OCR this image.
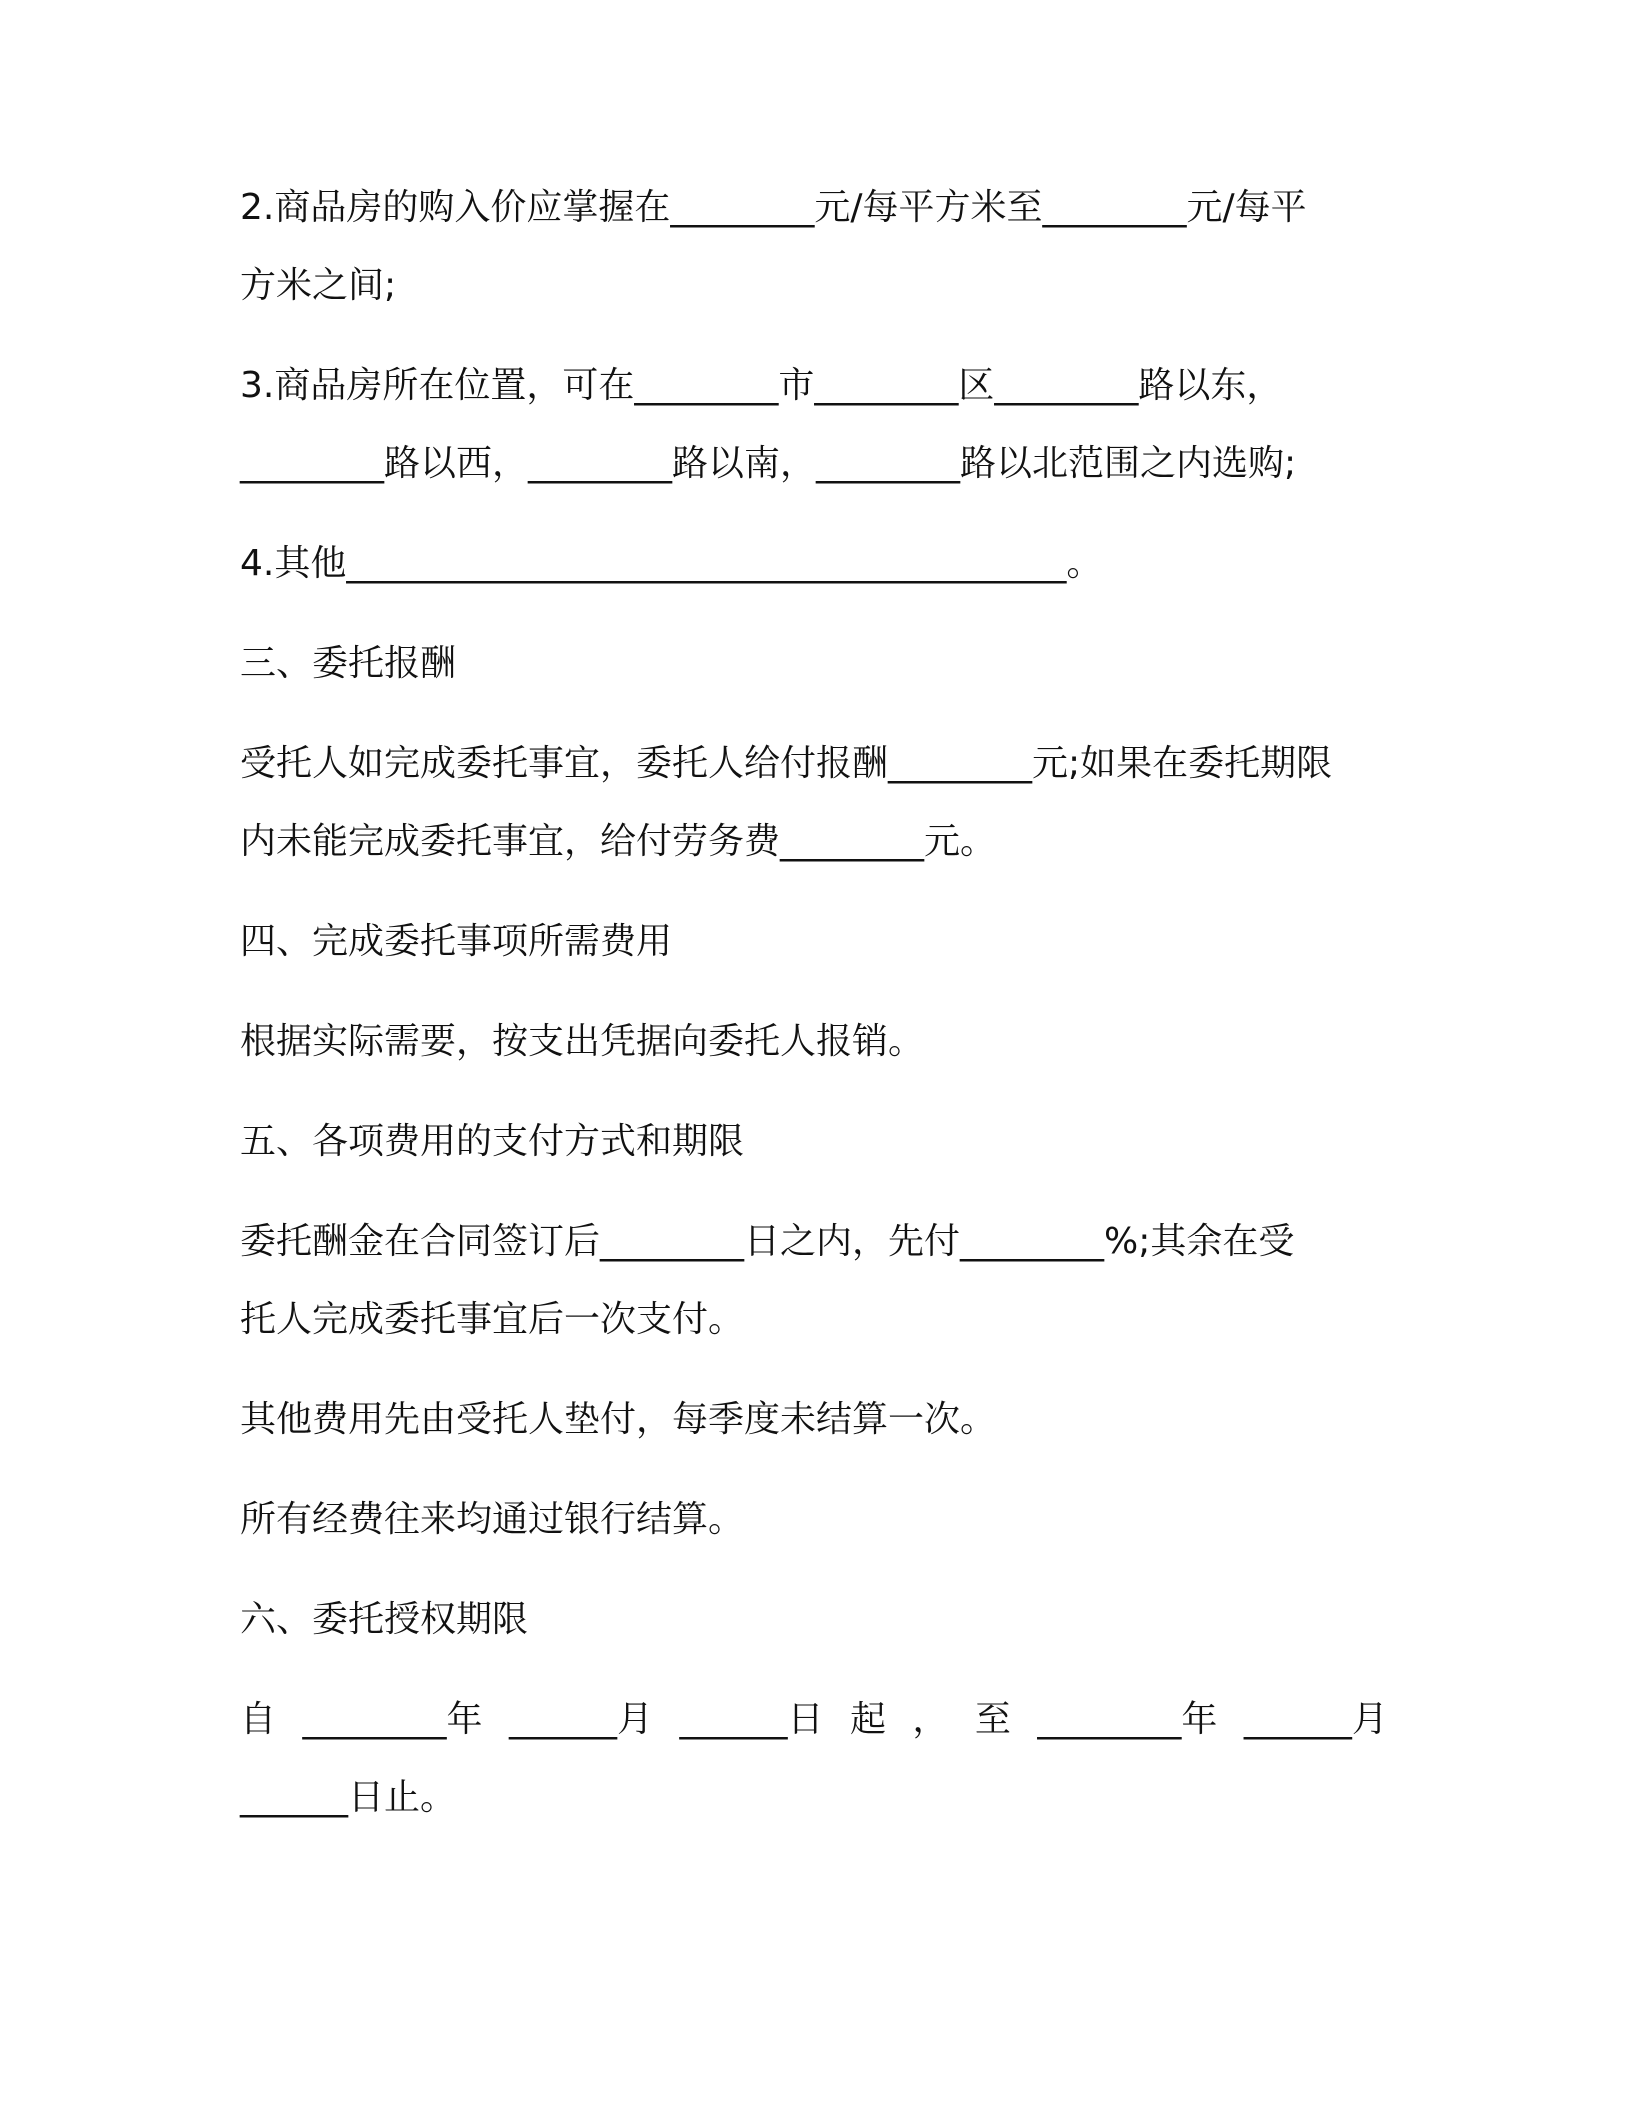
2.商品房的购入价应掌握在________元/每平方米至________元/每平
方米之间;
3.商品房所在位置，可在________市________区________路以东，
________路以西，________路以南，________路以北范围之内选购;
4.其他________________________________________。
三、委托报酬
受托人如完成委托事宜，委托人给付报酬________元;如果在委托期限
内未能完成委托事宜，给付劳务费________元。
四、完成委托事项所需费用
根据实际需要，按支出凭据向委托人报销。
五、各项费用的支付方式和期限
委托酬金在合同签订后________日之内，先付________%;其余在受
托人完成委托事宜后一次支付。
其他费用先由受托人垫付，每季度未结算一次。
所有经费往来均通过银行结算。
六、委托授权期限
自 ________年 ______月 ______日 起 ， 至 ________年 ______月
______日止。
